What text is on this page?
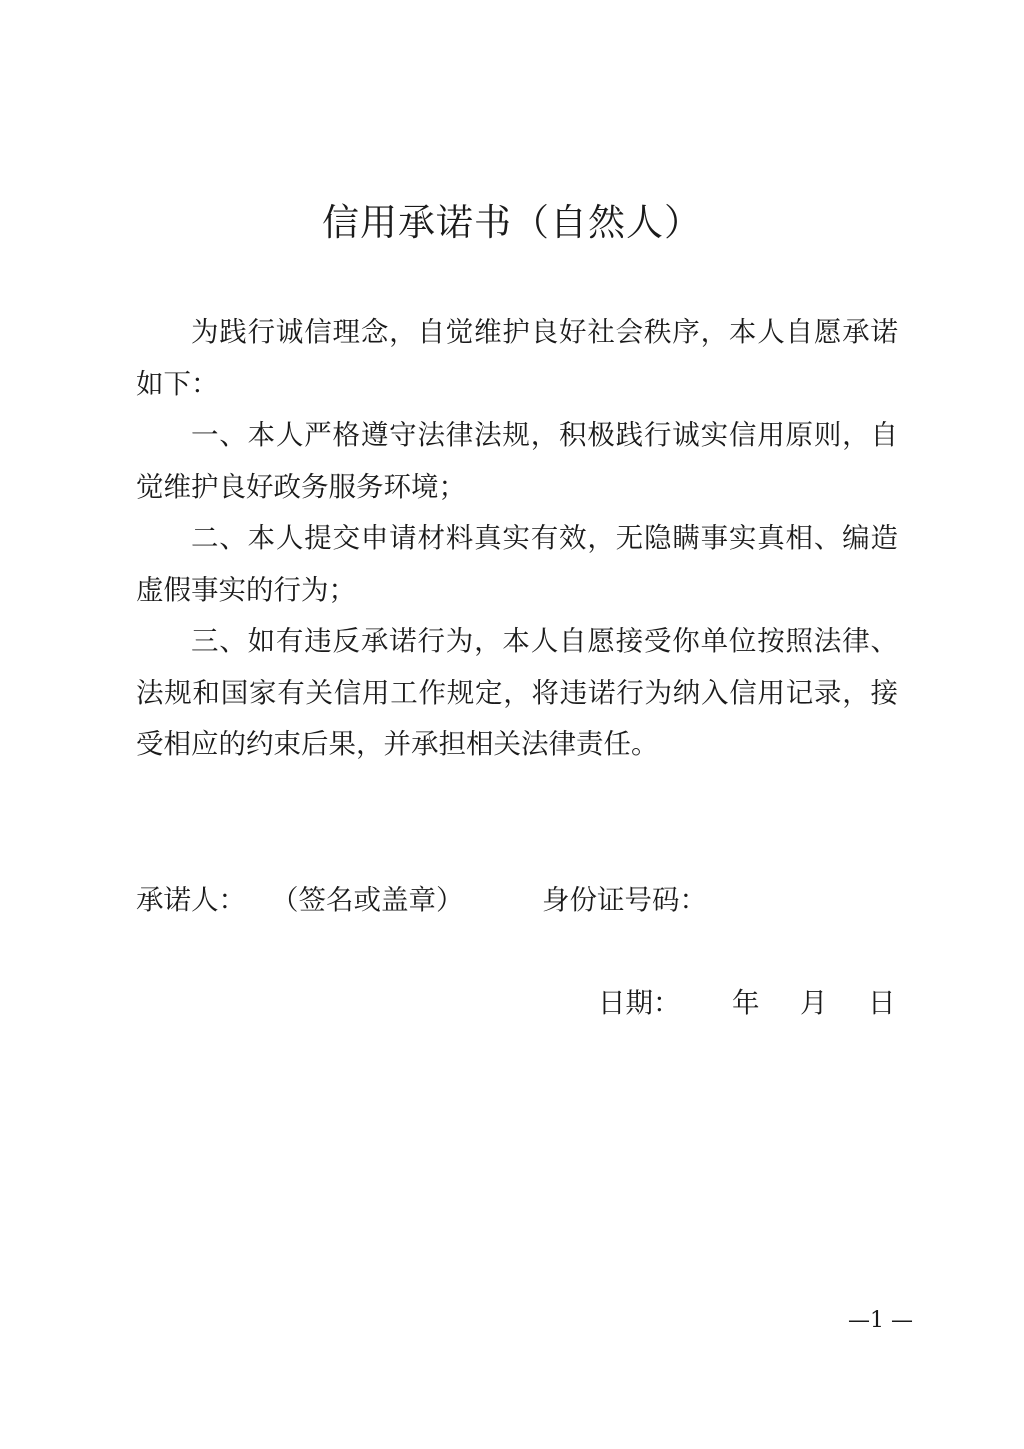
信用承诺书（自然人）

为践行诚信理念，自觉维护良好社会秩序，本人自愿承诺如下：

一、本人严格遵守法律法规，积极践行诚实信用原则，自觉维护良好政务服务环境；

二、本人提交申请材料真实有效，无隐瞒事实真相、编造虚假事实的行为；

三、如有违反承诺行为，本人自愿接受你单位按照法律、法规和国家有关信用工作规定，将违诺行为纳入信用记录，接受相应的约束后果，并承担相关法律责任。

承诺人： （签名或盖章）	身份证号码：
日期： 年 月 日
—1 —
